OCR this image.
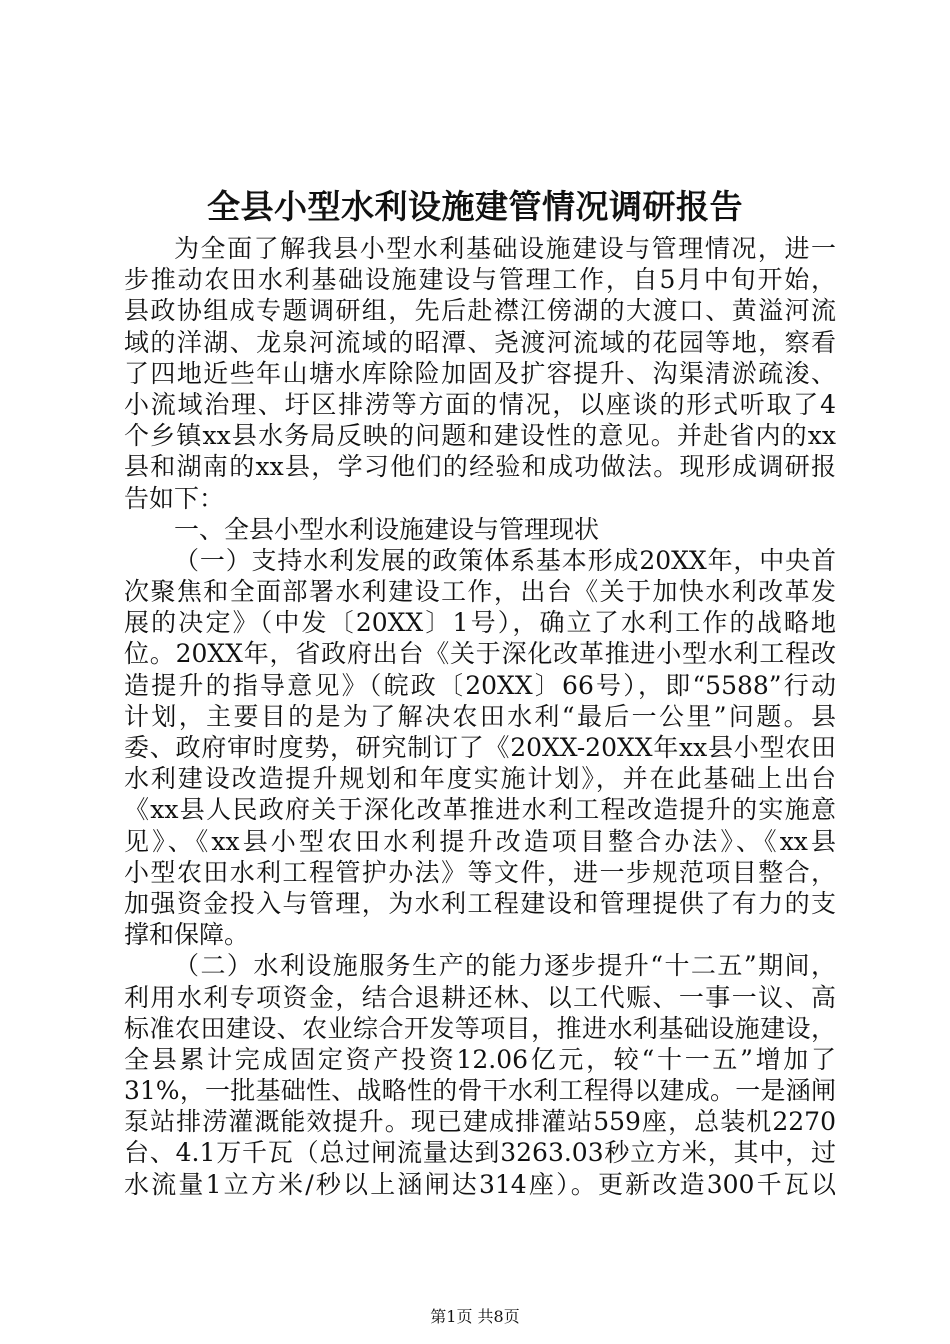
全县小型水利设施建管情况调研报告
为全面了解我县小型水利基础设施建设与管理情况，进一
步推动农田水利基础设施建设与管理工作，自5月中旬开始，
县政协组成专题调研组，先后赴襟江傍湖的大渡口、黄溢河流
域的洋湖、龙泉河流域的昭潭、尧渡河流域的花园等地，察看
了四地近些年山塘水库除险加固及扩容提升、沟渠清淤疏浚、
小流域治理、圩区排涝等方面的情况，以座谈的形式听取了4
个乡镇xx县水务局反映的问题和建设性的意见。并赴省内的xx
县和湖南的xx县，学习他们的经验和成功做法。现形成调研报
告如下：
一、全县小型水利设施建设与管理现状
（一）支持水利发展的政策体系基本形成20XX年，中央首
次聚焦和全面部署水利建设工作，出台《关于加快水利改革发
展的决定》（中发〔20XX〕1号），确立了水利工作的战略地
位。20XX年，省政府出台《关于深化改革推进小型水利工程改
造提升的指导意见》（皖政〔20XX〕66号），即“5588”行动
计划，主要目的是为了解决农田水利“最后一公里”问题。县
委、政府审时度势，研究制订了《20XX-20XX年xx县小型农田
水利建设改造提升规划和年度实施计划》，并在此基础上出台
《xx县人民政府关于深化改革推进水利工程改造提升的实施意
见》、《xx县小型农田水利提升改造项目整合办法》、《xx县
小型农田水利工程管护办法》等文件，进一步规范项目整合，
加强资金投入与管理，为水利工程建设和管理提供了有力的支
撑和保障。
（二）水利设施服务生产的能力逐步提升“十二五”期间，
利用水利专项资金，结合退耕还林、以工代赈、一事一议、高
标准农田建设、农业综合开发等项目，推进水利基础设施建设，
全县累计完成固定资产投资12.06亿元，较“十一五”增加了
31%，一批基础性、战略性的骨干水利工程得以建成。一是涵闸
泵站排涝灌溉能效提升。现已建成排灌站559座，总装机2270
台、4.1万千瓦（总过闸流量达到3263.03秒立方米，其中，过
水流量1立方米/秒以上涵闸达314座）。更新改造300千瓦以
第1页 共8页
